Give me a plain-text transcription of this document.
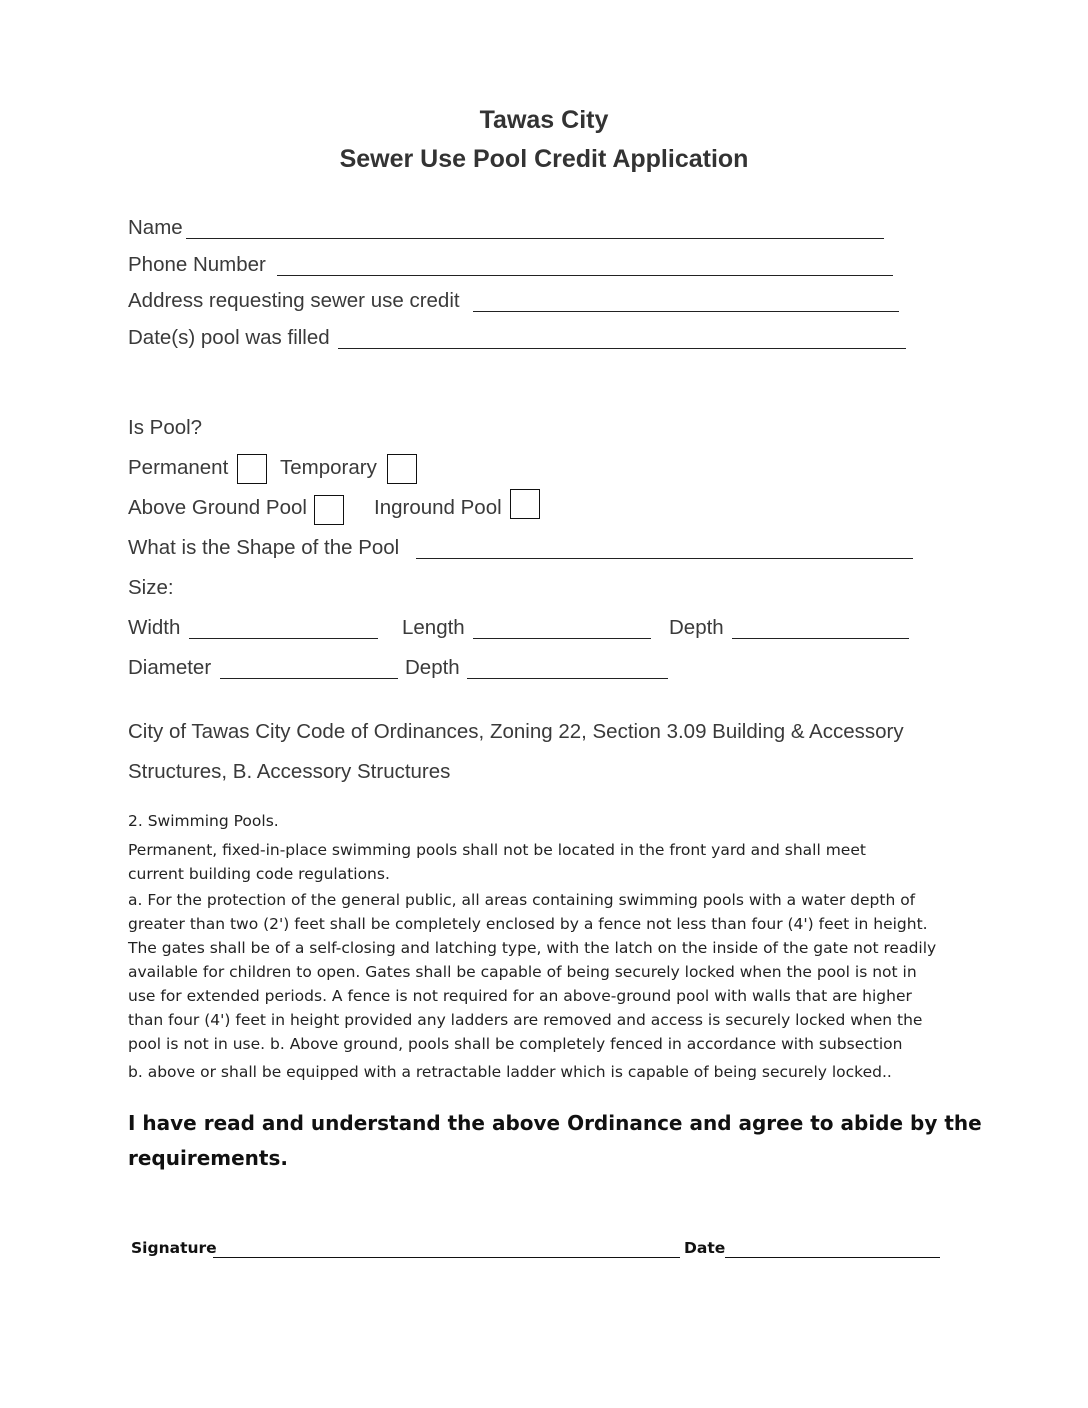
Tawas City
Sewer Use Pool Credit Application
Name
Phone Number
Address requesting sewer use credit
Date(s) pool was filled
Is Pool?
Permanent	Temporary
Above Ground Pool	Inground Pool
What is the Shape of the Pool
Size:
Width	Length	Depth
Diameter	Depth
City of Tawas City Code of Ordinances, Zoning 22, Section 3.09 Building & Accessory
Structures, B. Accessory Structures
2. Swimming Pools.
Permanent, fixed-in-place swimming pools shall not be located in the front yard and shall meet
current building code regulations.
a. For the protection of the general public, all areas containing swimming pools with a water depth of
greater than two (2') feet shall be completely enclosed by a fence not less than four (4') feet in height.
The gates shall be of a self-closing and latching type, with the latch on the inside of the gate not readily
available for children to open. Gates shall be capable of being securely locked when the pool is not in
use for extended periods. A fence is not required for an above-ground pool with walls that are higher
than four (4') feet in height provided any ladders are removed and access is securely locked when the
pool is not in use. b. Above ground, pools shall be completely fenced in accordance with subsection
b. above or shall be equipped with a retractable ladder which is capable of being securely locked..
I have read and understand the above Ordinance and agree to abide by the
requirements.
Signature	Date
